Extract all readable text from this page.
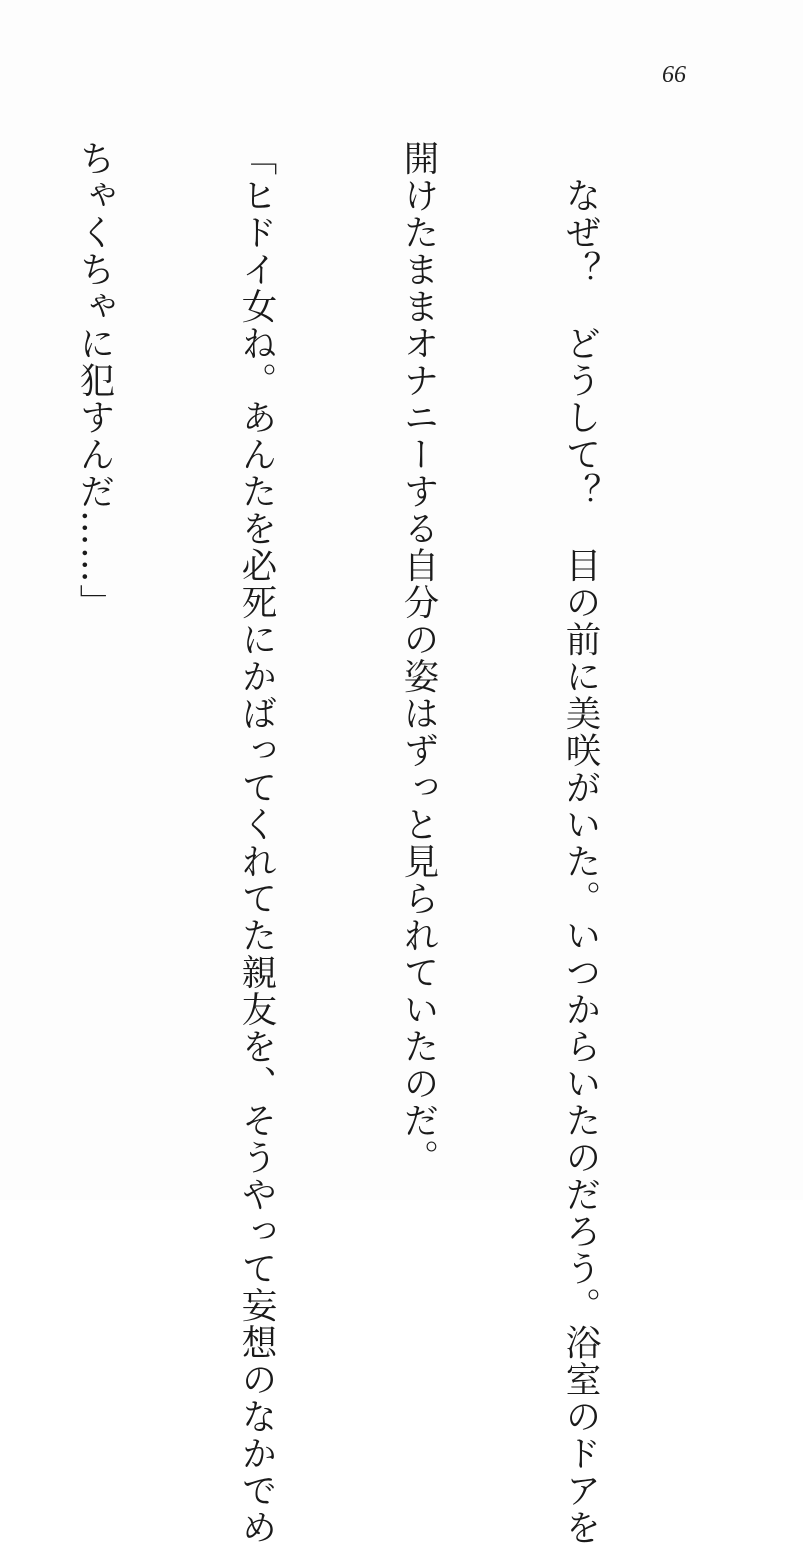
66

　なぜ？　どうして？　目の前に美咲がいた。いつからいたのだろう。浴室のドアを

開けたままオナニーする自分の姿はずっと見られていたのだ。

「ヒドイ女ね。あんたを必死にかばってくれてた親友を、そうやって妄想のなかでめ

ちゃくちゃに犯すんだ……」
